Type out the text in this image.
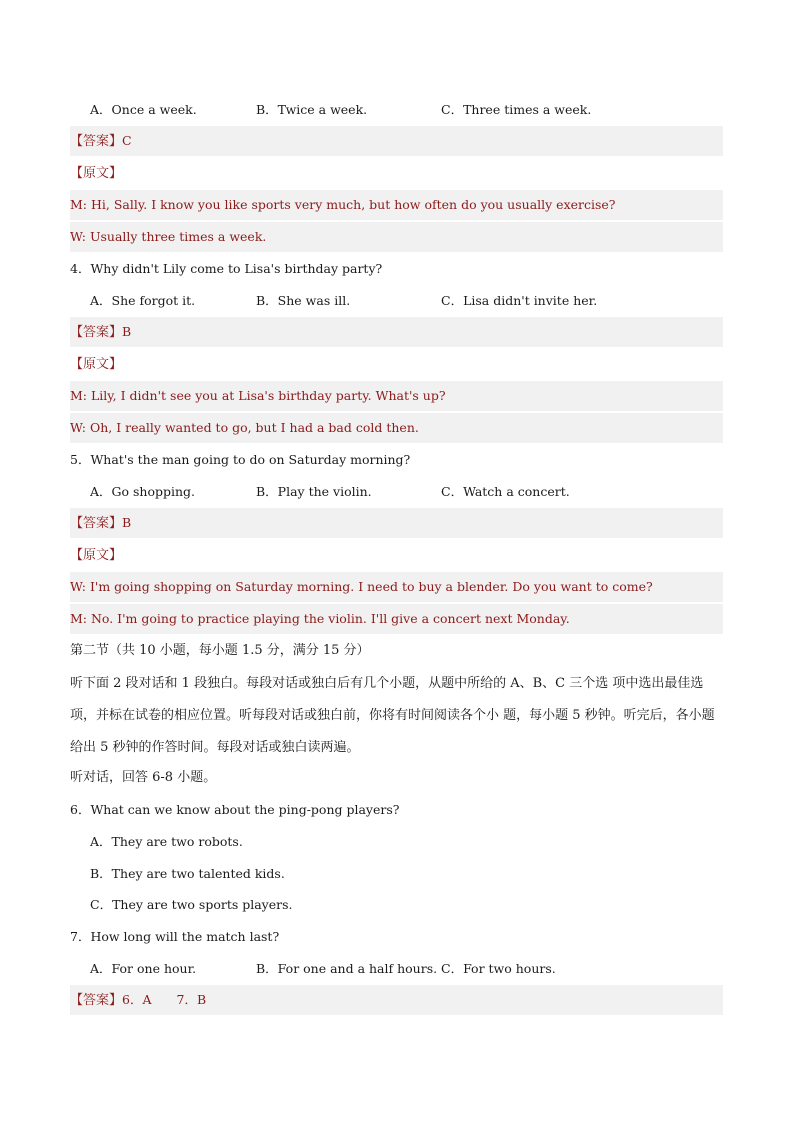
A．Once a week.	B．Twice a week.	C．Three times a week.
【答案】C
【原文】
M: Hi, Sally. I know you like sports very much, but how often do you usually exercise?
W: Usually three times a week.
4．Why didn't Lily come to Lisa's birthday party?
A．She forgot it.	B．She was ill.	C．Lisa didn't invite her.
【答案】B
【原文】
M: Lily, I didn't see you at Lisa's birthday party. What's up?
W: Oh, I really wanted to go, but I had a bad cold then.
5．What's the man going to do on Saturday morning?
A．Go shopping.	B．Play the violin.	C．Watch a concert.
【答案】B
【原文】
W: I'm going shopping on Saturday morning. I need to buy a blender. Do you want to come?
M: No. I'm going to practice playing the violin. I'll give a concert next Monday.
第二节（共 10 小题，每小题 1.5 分，满分 15 分）
听下面 2 段对话和 1 段独白。每段对话或独白后有几个小题，从题中所给的 A、B、C 三个选 项中选出最佳选项，并标在试卷的相应位置。听每段对话或独白前，你将有时间阅读各个小 题，每小题 5 秒钟。听完后，各小题给出 5 秒钟的作答时间。每段对话或独白读两遍。
听对话，回答 6-8 小题。
6．What can we know about the ping-pong players?
A．They are two robots.
B．They are two talented kids.
C．They are two sports players.
7．How long will the match last?
A．For one hour.	B．For one and a half hours. C．For two hours.
【答案】6．A　　7．B
